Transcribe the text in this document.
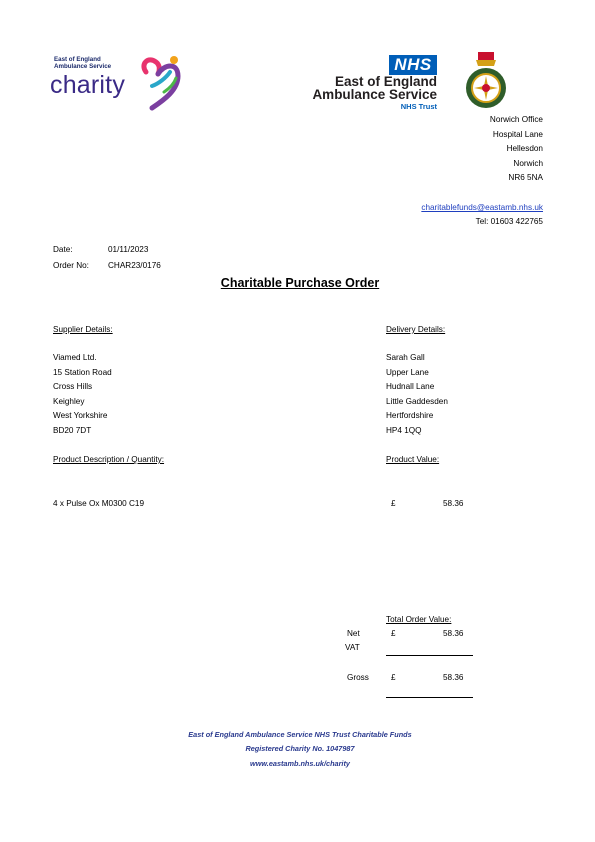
East of England
Ambulance Service
charity
NHS
East of England
Ambulance Service
NHS Trust
Norwich Office
Hospital Lane
Hellesdon
Norwich
NR6 5NA
charitablefunds@eastamb.nhs.uk
Tel: 01603 422765
Date:	01/11/2023
Order No: CHAR23/0176
Charitable Purchase Order
Supplier Details:
Viamed Ltd.
15 Station Road
Cross Hills
Keighley
West Yorkshire
BD20 7DT
Delivery Details:
Sarah Gall
Upper Lane
Hudnall Lane
Little Gaddesden
Hertfordshire
HP4 1QQ
Product Description / Quantity:	Product Value:
4 x Pulse Ox M0300 C19	£	58.36
Total Order Value:
Net	£	58.36
VAT
Gross	£	58.36
East of England Ambulance Service NHS Trust Charitable Funds
Registered Charity No. 1047987
www.eastamb.nhs.uk/charity
